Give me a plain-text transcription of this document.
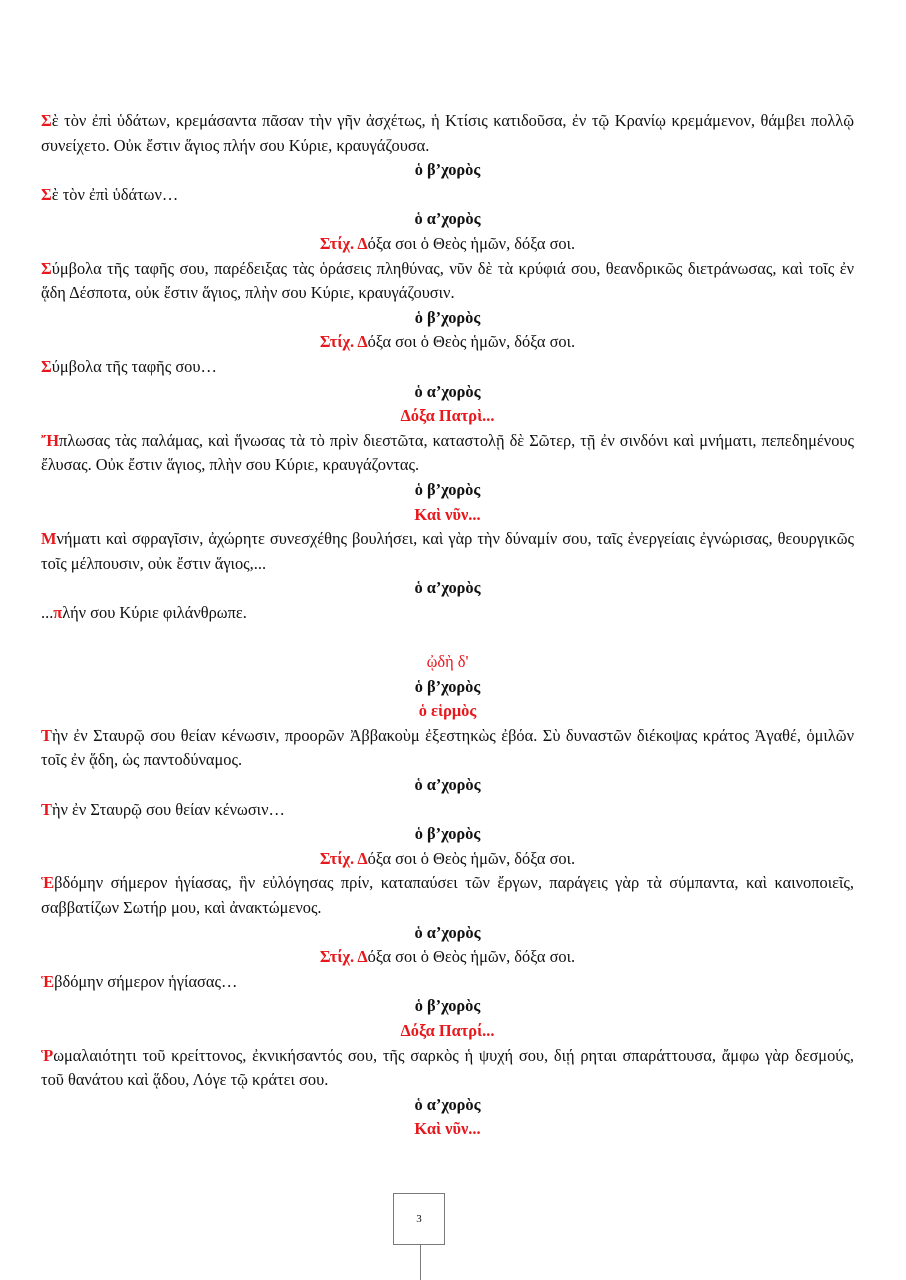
Σὲ τὸν ἐπὶ ὑδάτων, κρεμάσαντα πᾶσαν τὴν γῆν ἀσχέτως, ἡ Κτίσις κατιδοῦσα, ἐν τῷ Κρανίῳ κρεμάμενον, θάμβει πολλῷ συνείχετο. Οὐκ ἔστιν ἅγιος πλήν σου Κύριε, κραυγάζουσα.
ὁ β’χορὸς
Σὲ τὸν ἐπὶ ὑδάτων…
ὁ α’χορὸς
Στίχ. Δόξα σοι ὁ Θεὸς ἡμῶν, δόξα σοι.
Σύμβολα τῆς ταφῆς σου, παρέδειξας τὰς ὁράσεις πληθύνας, νῦν δὲ τὰ κρύφιά σου, θεανδρικῶς διετράνωσας, καὶ τοῖς ἐν ᾅδη Δέσποτα, οὐκ ἔστιν ἅγιος, πλὴν σου Κύριε, κραυγάζουσιν.
ὁ β’χορὸς
Στίχ. Δόξα σοι ὁ Θεὸς ἡμῶν, δόξα σοι.
Σύμβολα τῆς ταφῆς σου…
ὁ α’χορὸς
Δόξα Πατρὶ...
Ἤπλωσας τὰς παλάμας, καὶ ἥνωσας τὰ τὸ πρὶν διεστῶτα, καταστολῇ δὲ Σῶτερ, τῇ ἐν σινδόνι καὶ μνήματι, πεπεδημένους ἔλυσας. Οὐκ ἔστιν ἅγιος, πλὴν σου Κύριε, κραυγάζοντας.
ὁ β’χορὸς
Καὶ νῦν...
Μνήματι καὶ σφραγῖσιν, ἀχώρητε συνεσχέθης βουλήσει, καὶ γὰρ τὴν δύναμίν σου, ταῖς ἐνεργείαις ἐγνώρισας, θεουργικῶς τοῖς μέλπουσιν, οὐκ ἔστιν ἅγιος,...
ὁ α’χορὸς
...πλήν σου Κύριε φιλάνθρωπε.
ᾠδὴ δ'
ὁ β’χορὸς
ὁ εἱρμὸς
Τὴν ἐν Σταυρῷ σου θείαν κένωσιν, προορῶν Ἀββακοὺμ ἐξεστηκὼς ἐβόα. Σὺ δυναστῶν διέκοψας κράτος Ἀγαθέ, ὁμιλῶν τοῖς ἐν ᾅδη, ὡς παντοδύναμος.
ὁ α’χορὸς
Τὴν ἐν Σταυρῷ σου θείαν κένωσιν…
ὁ β’χορὸς
Στίχ. Δόξα σοι ὁ Θεὸς ἡμῶν, δόξα σοι.
Ἑβδόμην σήμερον ἡγίασας, ἣν εὐλόγησας πρίν, καταπαύσει τῶν ἔργων, παράγεις γὰρ τὰ σύμπαντα, καὶ καινοποιεῖς, σαββατίζων Σωτήρ μου, καὶ ἀνακτώμενος.
ὁ α’χορὸς
Στίχ. Δόξα σοι ὁ Θεὸς ἡμῶν, δόξα σοι.
Ἑβδόμην σήμερον ἡγίασας…
ὁ β’χορὸς
Δόξα Πατρί...
Ῥωμαλαιότητι τοῦ κρείττονος, ἐκνικήσαντός σου, τῆς σαρκὸς ἡ ψυχή σου, διῄ ρηται σπαράττουσα, ἄμφω γὰρ δεσμούς, τοῦ θανάτου καὶ ᾅδου, Λόγε τῷ κράτει σου.
ὁ α’χορὸς
Καὶ νῦν...
3
